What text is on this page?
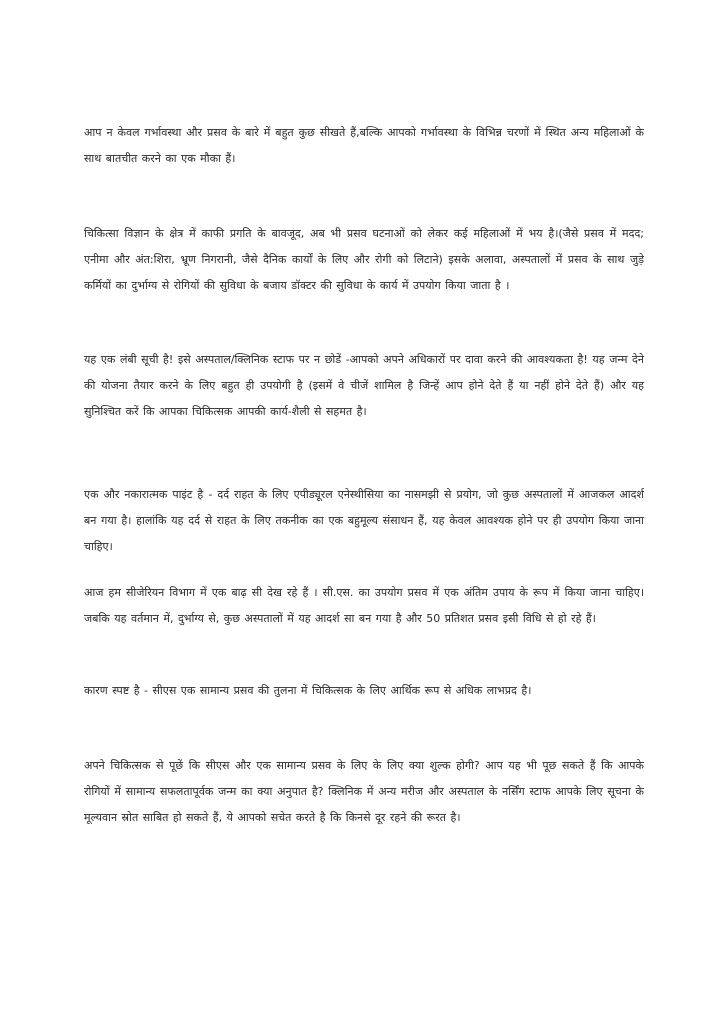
आप न केवल गर्भावस्था और प्रसव के बारे में बहुत कुछ सीखते हैं,बल्कि आपको गर्भावस्था के विभिन्न चरणों में स्थित अन्य महिलाओं के साथ बातचीत करने का एक मौका हैं।

चिकित्सा विज्ञान के क्षेत्र में काफी प्रगति के बावजूद, अब भी प्रसव घटनाओं को लेकर कई महिलाओं में भय है।(जैसे प्रसव में मदद; एनीमा और अंत:शिरा, भ्रूण निगरानी, जैसे दैनिक कार्यों के लिए और रोगी को लिटाने) इसके अलावा, अस्पतालों में प्रसव के साथ जुड़े कर्मियों का दुर्भाग्य से रोगियों की सुविधा के बजाय डॉक्टर की सुविधा के कार्य में उपयोग किया जाता है ।

यह एक लंबी सूची है! इसे अस्पताल/क्लिनिक स्टाफ पर न छोडें -आपको अपने अधिकारों पर दावा करने की आवश्यकता है! यह जन्म देने की योजना तैयार करने के लिए बहुत ही उपयोगी है (इसमें वे चीजें शामिल है जिन्हें आप होने देते हैं या नहीं होने देते हैं) और यह सुनिश्चित करें कि आपका चिकित्सक आपकी कार्य-शैली से सहमत है।

एक और नकारात्मक पाइंट है - दर्द राहत के लिए एपीड्यूरल एनेस्थीसिया का नासमझी से प्रयोग, जो कुछ अस्पतालों में आजकल आदर्श बन गया है। हालांकि यह दर्द से राहत के लिए तकनीक का एक बहुमूल्य संसाधन हैं, यह केवल आवश्यक होने पर ही उपयोग किया जाना चाहिए।

आज हम सीजेरियन विभाग में एक बाढ़ सी देख रहे हैं । सी.एस. का उपयोग प्रसव में एक अंतिम उपाय के रूप में किया जाना चाहिए। जबकि यह वर्तमान में, दुर्भाग्य से, कुछ अस्पतालों में यह आदर्श सा बन गया है और 50 प्रतिशत प्रसव इसी विधि से हो रहे हैं।

कारण स्पष्ट है - सीएस एक सामान्य प्रसव की तुलना में चिकित्सक के लिए आर्थिक रूप से अधिक लाभप्रद है।

अपने चिकित्सक से पूछें कि सीएस और एक सामान्य प्रसव के लिए के लिए क्या शुल्क होगी? आप यह भी पूछ सकते हैं कि आपके रोगियों में सामान्य सफलतापूर्वक जन्म का क्या अनुपात है? क्लिनिक में अन्य मरीज और अस्पताल के नर्सिंग स्टाफ आपके लिए सूचना के मूल्यवान स्रोत साबित हो सकते हैं, ये आपको सचेत करते है कि किनसे दूर रहने की रूरत है।
